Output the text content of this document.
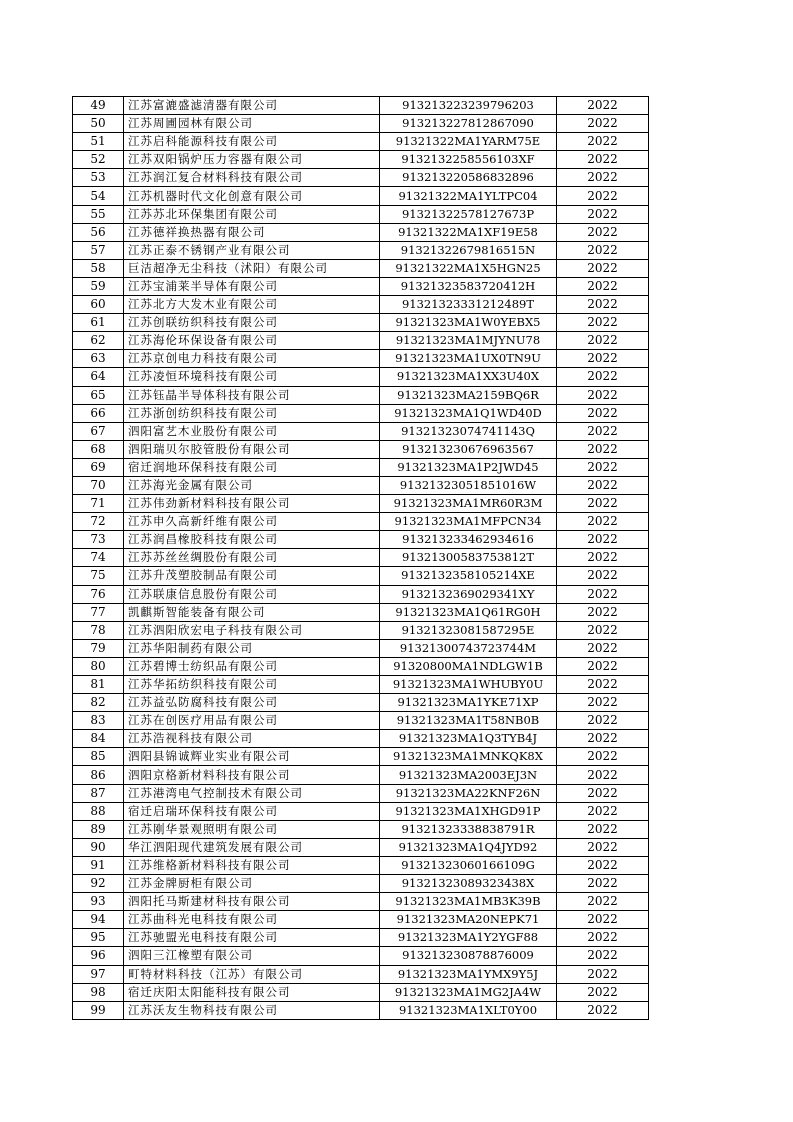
49	江苏富漉盛滤清器有限公司	913213223239796203	2022
50	江苏周圃园林有限公司	913213227812867090	2022
51	江苏启科能源科技有限公司	91321322MA1YARM75E	2022
52	江苏双阳锅炉压力容器有限公司	9132132258556103XF	2022
53	江苏润江复合材料科技有限公司	913213220586832896	2022
54	江苏机器时代文化创意有限公司	91321322MA1YLTPC04	2022
55	江苏苏北环保集团有限公司	91321322578127673P	2022
56	江苏德祥换热器有限公司	91321322MA1XF19E58	2022
57	江苏正泰不锈钢产业有限公司	91321322679816515N	2022
58	巨洁超净无尘科技（沭阳）有限公司	91321322MA1X5HGN25	2022
59	江苏宝浦莱半导体有限公司	91321323583720412H	2022
60	江苏北方大发木业有限公司	91321323331212489T	2022
61	江苏创联纺织科技有限公司	91321323MA1W0YEBX5	2022
62	江苏海伦环保设备有限公司	91321323MA1MJYNU78	2022
63	江苏京创电力科技有限公司	91321323MA1UX0TN9U	2022
64	江苏凌恒环境科技有限公司	91321323MA1XX3U40X	2022
65	江苏钰晶半导体科技有限公司	91321323MA2159BQ6R	2022
66	江苏浙创纺织科技有限公司	91321323MA1Q1WD40D	2022
67	泗阳富艺木业股份有限公司	91321323074741143Q	2022
68	泗阳瑞贝尔胶管股份有限公司	913213230676963567	2022
69	宿迁润地环保科技有限公司	91321323MA1P2JWD45	2022
70	江苏海光金属有限公司	91321323051851016W	2022
71	江苏伟劲新材料科技有限公司	91321323MA1MR60R3M	2022
72	江苏申久高新纤维有限公司	91321323MA1MFPCN34	2022
73	江苏润昌橡胶科技有限公司	913213233462934616	2022
74	江苏苏丝丝绸股份有限公司	91321300583753812T	2022
75	江苏升茂塑胶制品有限公司	9132132358105214XE	2022
76	江苏联康信息股份有限公司	9132132369029341XY	2022
77	凯麒斯智能装备有限公司	91321323MA1Q61RG0H	2022
78	江苏泗阳欣宏电子科技有限公司	91321323081587295E	2022
79	江苏华阳制药有限公司	91321300743723744M	2022
80	江苏碧博士纺织品有限公司	91320800MA1NDLGW1B	2022
81	江苏华拓纺织科技有限公司	91321323MA1WHUBY0U	2022
82	江苏益弘防腐科技有限公司	91321323MA1YKE71XP	2022
83	江苏在创医疗用品有限公司	91321323MA1T58NB0B	2022
84	江苏浩视科技有限公司	91321323MA1Q3TYB4J	2022
85	泗阳县锦诚辉业实业有限公司	91321323MA1MNKQK8X	2022
86	泗阳京格新材料科技有限公司	91321323MA2003EJ3N	2022
87	江苏港湾电气控制技术有限公司	91321323MA22KNF26N	2022
88	宿迁启瑞环保科技有限公司	91321323MA1XHGD91P	2022
89	江苏刚华景观照明有限公司	91321323338838791R	2022
90	华江泗阳现代建筑发展有限公司	91321323MA1Q4JYD92	2022
91	江苏维格新材料科技有限公司	91321323060166109G	2022
92	江苏金牌厨柜有限公司	91321323089323438X	2022
93	泗阳托马斯建材科技有限公司	91321323MA1MB3K39B	2022
94	江苏曲科光电科技有限公司	91321323MA20NEPK71	2022
95	江苏驰盟光电科技有限公司	91321323MA1Y2YGF88	2022
96	泗阳三江橡塑有限公司	913213230878876009	2022
97	町特材料科技（江苏）有限公司	91321323MA1YMX9Y5J	2022
98	宿迁庆阳太阳能科技有限公司	91321323MA1MG2JA4W	2022
99	江苏沃友生物科技有限公司	91321323MA1XLT0Y00	2022
